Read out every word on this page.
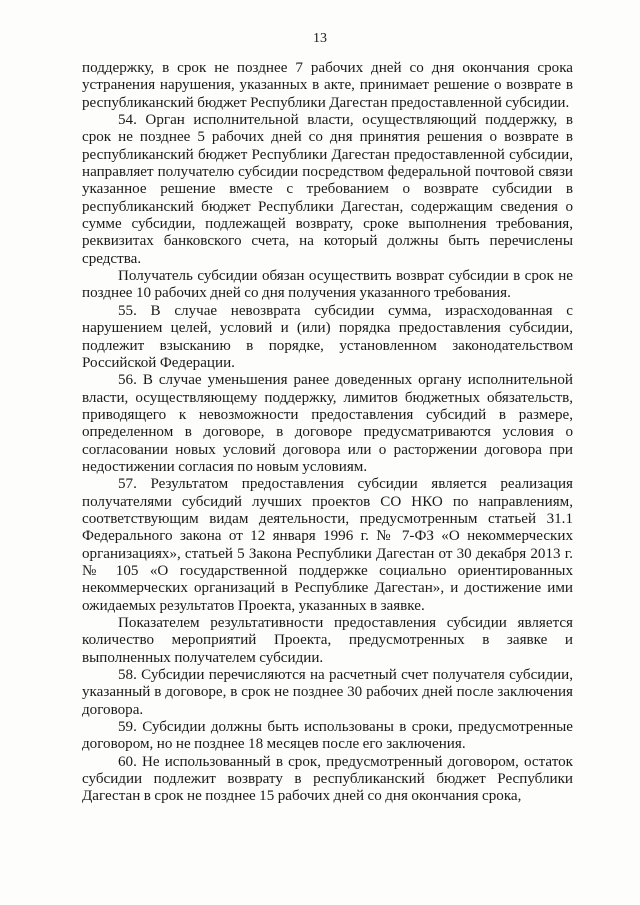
13

поддержку, в срок не позднее 7 рабочих дней со дня окончания срока устранения нарушения, указанных в акте, принимает решение о возврате в республиканский бюджет Республики Дагестан предоставленной субсидии.

54. Орган исполнительной власти, осуществляющий поддержку, в срок не позднее 5 рабочих дней со дня принятия решения о возврате в республиканский бюджет Республики Дагестан предоставленной субсидии, направляет получателю субсидии посредством федеральной почтовой связи указанное решение вместе с требованием о возврате субсидии в республиканский бюджет Республики Дагестан, содержащим сведения о сумме субсидии, подлежащей возврату, сроке выполнения требования, реквизитах банковского счета, на который должны быть перечислены средства.

Получатель субсидии обязан осуществить возврат субсидии в срок не позднее 10 рабочих дней со дня получения указанного требования.

55. В случае невозврата субсидии сумма, израсходованная с нарушением целей, условий и (или) порядка предоставления субсидии, подлежит взысканию в порядке, установленном законодательством Российской Федерации.

56. В случае уменьшения ранее доведенных органу исполнительной власти, осуществляющему поддержку, лимитов бюджетных обязательств, приводящего к невозможности предоставления субсидий в размере, определенном в договоре, в договоре предусматриваются условия о согласовании новых условий договора или о расторжении договора при недостижении согласия по новым условиям.

57. Результатом предоставления субсидии является реализация получателями субсидий лучших проектов СО НКО по направлениям, соответствующим видам деятельности, предусмотренным статьей 31.1 Федерального закона от 12 января 1996 г. № 7-ФЗ «О некоммерческих организациях», статьей 5 Закона Республики Дагестан от 30 декабря 2013 г. № 105 «О государственной поддержке социально ориентированных некоммерческих организаций в Республике Дагестан», и достижение ими ожидаемых результатов Проекта, указанных в заявке.

Показателем результативности предоставления субсидии является количество мероприятий Проекта, предусмотренных в заявке и выполненных получателем субсидии.

58. Субсидии перечисляются на расчетный счет получателя субсидии, указанный в договоре, в срок не позднее 30 рабочих дней после заключения договора.

59. Субсидии должны быть использованы в сроки, предусмотренные договором, но не позднее 18 месяцев после его заключения.

60. Не использованный в срок, предусмотренный договором, остаток субсидии подлежит возврату в республиканский бюджет Республики Дагестан в срок не позднее 15 рабочих дней со дня окончания срока,
